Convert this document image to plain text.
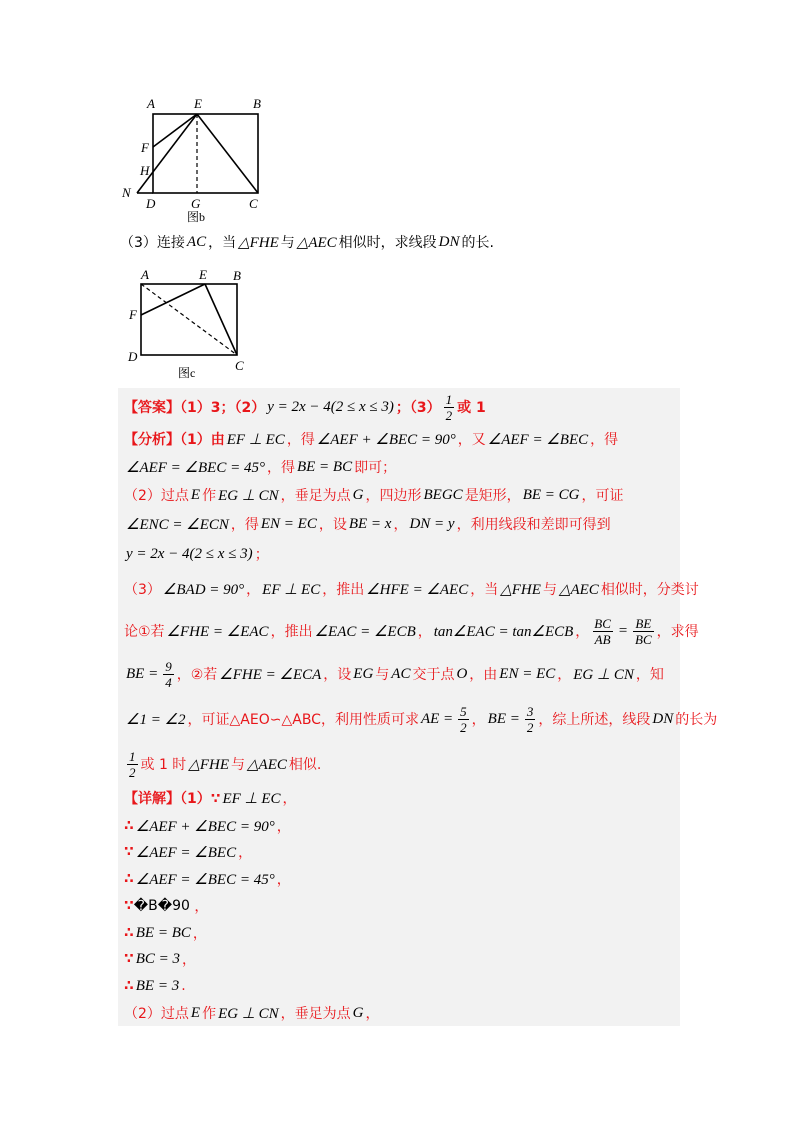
A	E	B
F
H
N
D	G	C
图b
（3）连接 AC ，当 △FHE 与 △AEC 相似时，求线段 DN 的长.
A	E B
F
D
C
图c
【答案】（1）3；（2） y = 2x − 4(2 ≤ x ≤ 3) ；$(3) \frac{1}{2}$ 或 1
【分析】（1）由 EF ⊥ EC ，得 ∠AEF + ∠BEC = 90° ，又 ∠AEF = ∠BEC ，得
∠AEF = ∠BEC = 45° ，得 BE = BC 即可；
（2）过点 E 作 EG ⊥ CN ，垂足为点 G ，四边形 BEGC 是矩形， BE = CG ，可证
∠ENC = ∠ECN ，得 EN = EC ，设 BE = x ， DN = y ，利用线段和差即可得到
y = 2x − 4(2 ≤ x ≤ 3) ；
（3） ∠BAD = 90° ， EF ⊥ EC ，推出 ∠HFE = ∠AEC ，当 △FHE 与 △AEC 相似时，分类讨
论①若 ∠FHE = ∠EAC ，推出 ∠EAC = ∠ECB ， tan∠EAC = tan∠ECB ， $\frac{BC}{AB} = \frac{BE}{BC}$ ，求得
BE = $\frac{9}{4}$ ，②若 ∠FHE = ∠ECA ，设 EG 与 AC 交于点 O ，由 EN = EC ， EG ⊥ CN ，知
∠1 = ∠2 ，可证△AEO∽△ABC，利用性质可求 AE = $\frac{5}{2}$ ， BE = $\frac{3}{2}$ ，综上所述，线段 DN 的长为
$\frac{1}{2}$ 或 1 时 △FHE 与 △AEC 相似.
【详解】（1）∵ EF ⊥ EC ，
∴ ∠AEF + ∠BEC = 90° ，
∵ ∠AEF = ∠BEC ，
∴ ∠AEF = ∠BEC = 45° ，
∵ �B�90 ，
∴ BE = BC ，
∵ BC = 3 ，
∴ BE = 3 .
（2）过点 E 作 EG ⊥ CN ，垂足为点 G ，
